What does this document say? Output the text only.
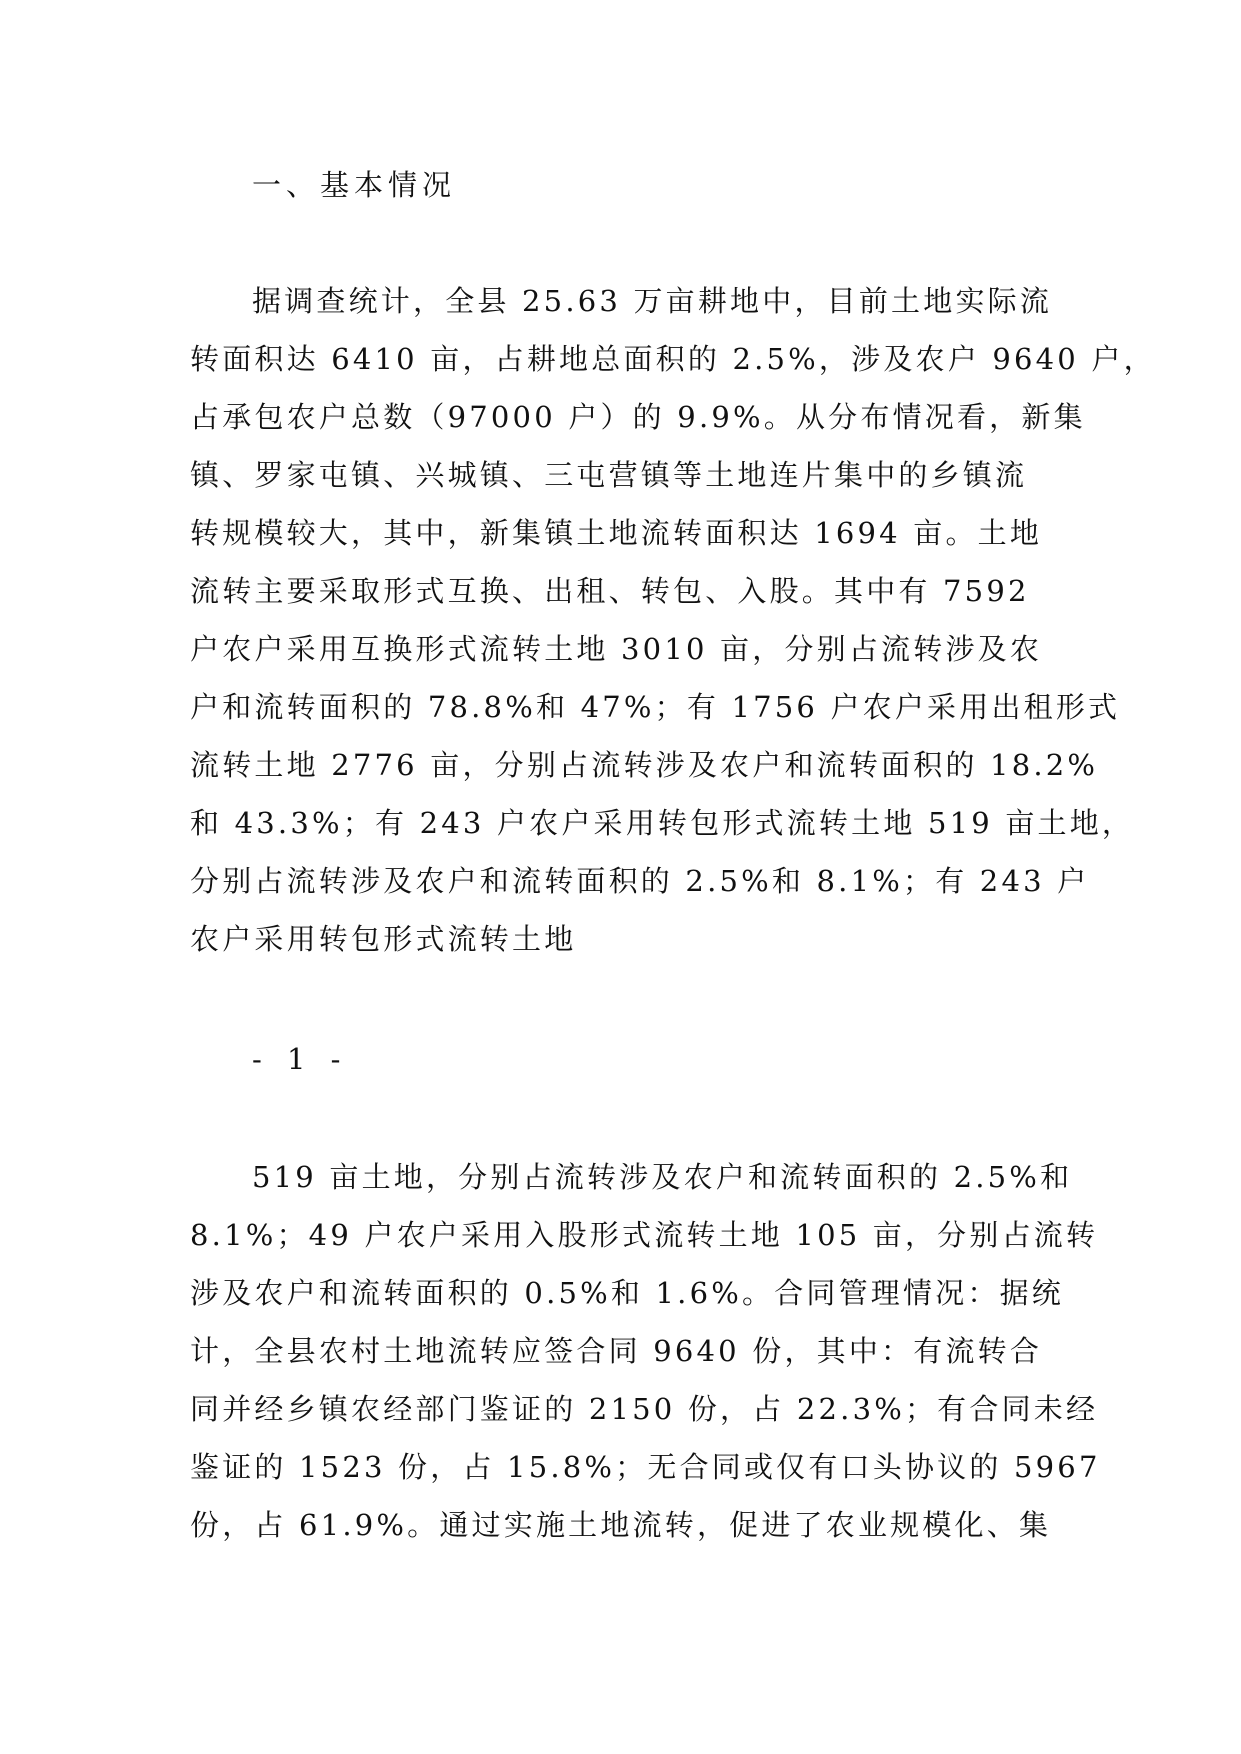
一、基本情况
据调查统计，全县 25.63 万亩耕地中，目前土地实际流
转面积达 6410 亩，占耕地总面积的 2.5%，涉及农户 9640 户，
占承包农户总数（97000 户）的 9.9%。从分布情况看，新集
镇、罗家屯镇、兴城镇、三屯营镇等土地连片集中的乡镇流
转规模较大，其中，新集镇土地流转面积达 1694 亩。土地
流转主要采取形式互换、出租、转包、入股。其中有 7592
户农户采用互换形式流转土地 3010 亩，分别占流转涉及农
户和流转面积的 78.8%和 47%；有 1756 户农户采用出租形式
流转土地 2776 亩，分别占流转涉及农户和流转面积的 18.2%
和 43.3%；有 243 户农户采用转包形式流转土地 519 亩土地，
分别占流转涉及农户和流转面积的 2.5%和 8.1%；有 243 户
农户采用转包形式流转土地
- 1 -
519 亩土地，分别占流转涉及农户和流转面积的 2.5%和
8.1%；49 户农户采用入股形式流转土地 105 亩，分别占流转
涉及农户和流转面积的 0.5%和 1.6%。合同管理情况：据统
计，全县农村土地流转应签合同 9640 份，其中：有流转合
同并经乡镇农经部门鉴证的 2150 份，占 22.3%；有合同未经
鉴证的 1523 份，占 15.8%；无合同或仅有口头协议的 5967
份，占 61.9%。通过实施土地流转，促进了农业规模化、集
